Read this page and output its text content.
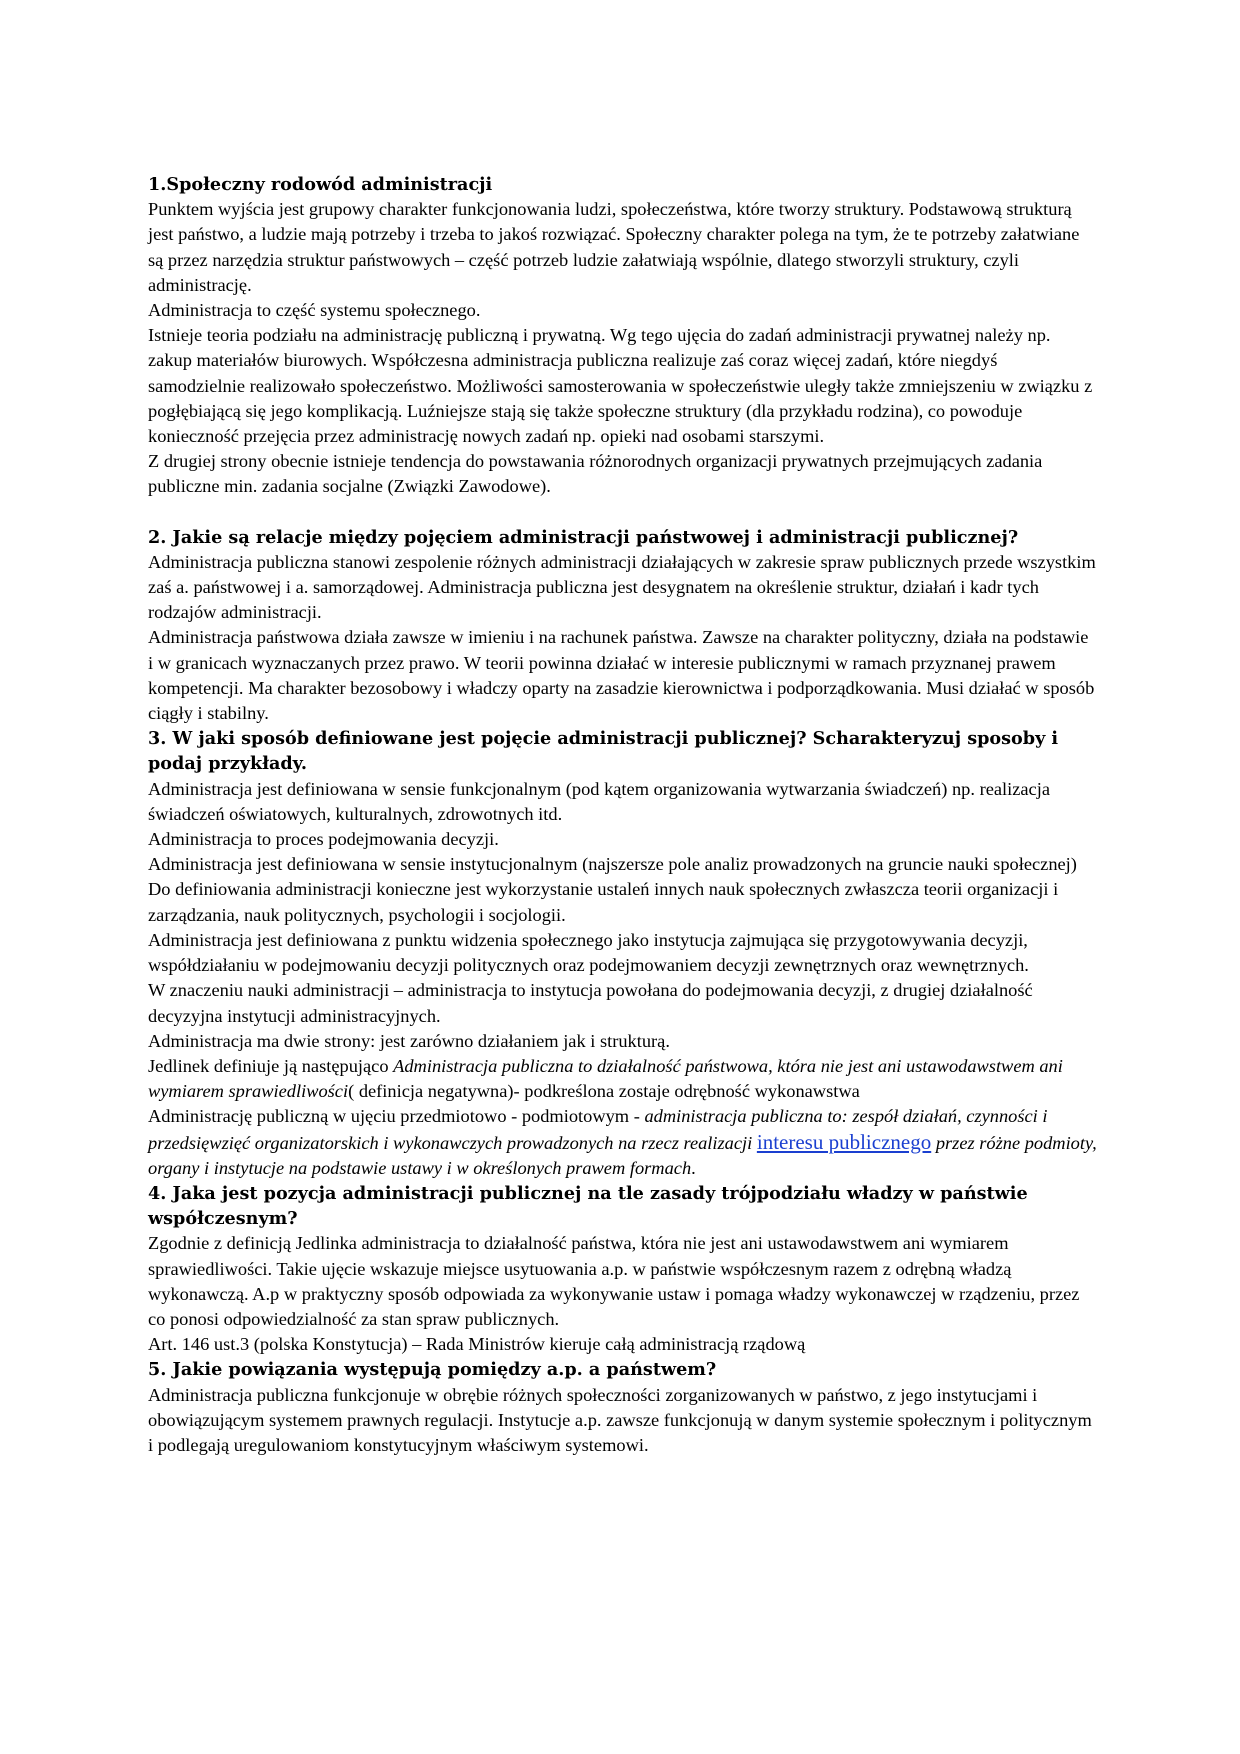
1.Społeczny rodowód administracji

Punktem wyjścia jest grupowy charakter funkcjonowania ludzi, społeczeństwa, które tworzy struktury. Podstawową strukturą jest państwo, a ludzie mają potrzeby i trzeba to jakoś rozwiązać. Społeczny charakter polega na tym, że te potrzeby załatwiane są przez narzędzia struktur państwowych – część potrzeb ludzie załatwiają wspólnie, dlatego stworzyli struktury, czyli administrację.

Administracja to część systemu społecznego.

Istnieje teoria podziału na administrację publiczną i prywatną. Wg tego ujęcia do zadań administracji prywatnej należy np. zakup materiałów biurowych. Współczesna administracja publiczna realizuje zaś coraz więcej zadań, które niegdyś samodzielnie realizowało społeczeństwo. Możliwości samosterowania w społeczeństwie uległy także zmniejszeniu w związku z pogłębiającą się jego komplikacją. Luźniejsze stają się także społeczne struktury (dla przykładu rodzina), co powoduje konieczność przejęcia przez administrację nowych zadań np. opieki nad osobami starszymi.

Z drugiej strony obecnie istnieje tendencja do powstawania różnorodnych organizacji prywatnych przejmujących zadania publiczne min. zadania socjalne (Związki Zawodowe).

2. Jakie są relacje między pojęciem administracji państwowej i administracji publicznej?

Administracja publiczna stanowi zespolenie różnych administracji działających w zakresie spraw publicznych przede wszystkim zaś a. państwowej i a. samorządowej. Administracja publiczna jest desygnatem na określenie struktur, działań i kadr tych rodzajów administracji.

Administracja państwowa działa zawsze w imieniu i na rachunek państwa. Zawsze na charakter polityczny, działa na podstawie i w granicach wyznaczanych przez prawo. W teorii powinna działać w interesie publicznymi w ramach przyznanej prawem kompetencji. Ma charakter bezosobowy i władczy oparty na zasadzie kierownictwa i podporządkowania. Musi działać w sposób ciągły i stabilny.

3. W jaki sposób definiowane jest pojęcie administracji publicznej? Scharakteryzuj sposoby i podaj przykłady.

Administracja jest definiowana w sensie funkcjonalnym (pod kątem organizowania wytwarzania świadczeń) np. realizacja świadczeń oświatowych, kulturalnych, zdrowotnych itd.

Administracja to proces podejmowania decyzji.

Administracja jest definiowana w sensie instytucjonalnym (najszersze pole analiz prowadzonych na gruncie nauki społecznej)

Do definiowania administracji konieczne jest wykorzystanie ustaleń innych nauk społecznych zwłaszcza teorii organizacji i zarządzania, nauk politycznych, psychologii i socjologii.

Administracja jest definiowana z punktu widzenia społecznego jako instytucja zajmująca się przygotowywania decyzji, współdziałaniu w podejmowaniu decyzji politycznych oraz podejmowaniem decyzji zewnętrznych oraz wewnętrznych.

W znaczeniu nauki administracji – administracja to instytucja powołana do podejmowania decyzji, z drugiej działalność decyzyjna instytucji administracyjnych.

Administracja ma dwie strony: jest zarówno działaniem jak i strukturą.

Jedlinek definiuje ją następująco Administracja publiczna to działalność państwowa, która nie jest ani ustawodawstwem ani wymiarem sprawiedliwości( definicja negatywna)- podkreślona zostaje odrębność wykonawstwa

Administrację publiczną w ujęciu przedmiotowo - podmiotowym - administracja publiczna to: zespół działań, czynności i przedsięwzięć organizatorskich i wykonawczych prowadzonych na rzecz realizacji interesu publicznego przez różne podmioty, organy i instytucje na podstawie ustawy i w określonych prawem formach.

4. Jaka jest pozycja administracji publicznej na tle zasady trójpodziału władzy w państwie współczesnym?

Zgodnie z definicją Jedlinka administracja to działalność państwa, która nie jest ani ustawodawstwem ani wymiarem sprawiedliwości. Takie ujęcie wskazuje miejsce usytuowania a.p. w państwie współczesnym razem z odrębną władzą wykonawczą. A.p w praktyczny sposób odpowiada za wykonywanie ustaw i pomaga władzy wykonawczej w rządzeniu, przez co ponosi odpowiedzialność za stan spraw publicznych.

Art. 146 ust.3 (polska Konstytucja) – Rada Ministrów kieruje całą administracją rządową

5. Jakie powiązania występują pomiędzy a.p. a państwem?

Administracja publiczna funkcjonuje w obrębie różnych społeczności zorganizowanych w państwo, z jego instytucjami i obowiązującym systemem prawnych regulacji. Instytucje a.p. zawsze funkcjonują w danym systemie społecznym i politycznym i podlegają uregulowaniom konstytucyjnym właściwym systemowi.
